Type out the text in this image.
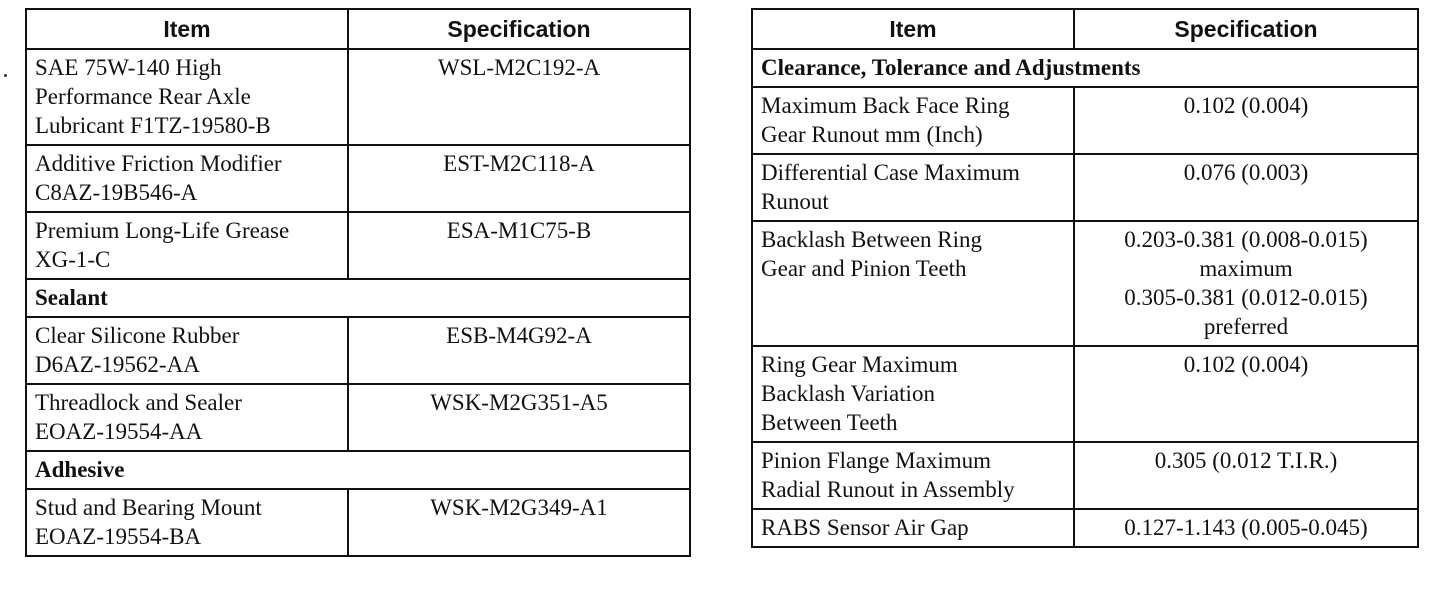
Item	Specification

SAE 75W-140 High
Performance Rear Axle
Lubricant F1TZ-19580-B	WSL-M2C192-A

Additive Friction Modifier
C8AZ-19B546-A	EST-M2C118-A

Premium Long-Life Grease
XG-1-C	ESA-M1C75-B

Sealant	

Clear Silicone Rubber
D6AZ-19562-AA	ESB-M4G92-A

Threadlock and Sealer
EOAZ-19554-AA	WSK-M2G351-A5

Adhesive	

Stud and Bearing Mount
EOAZ-19554-BA	WSK-M2G349-A1
Item	Specification
Clearance, Tolerance and Adjustments	

Maximum Back Face Ring
Gear Runout mm (Inch)	0.102 (0.004)

Differential Case Maximum
Runout	0.076 (0.003)

Backlash Between Ring
Gear and Pinion Teeth	0.203-0.381 (0.008-0.015)
maximum
0.305-0.381 (0.012-0.015)
preferred

Ring Gear Maximum
Backlash Variation
Between Teeth	0.102 (0.004)

Pinion Flange Maximum
Radial Runout in Assembly	0.305 (0.012 T.I.R.)

RABS Sensor Air Gap	0.127-1.143 (0.005-0.045)
